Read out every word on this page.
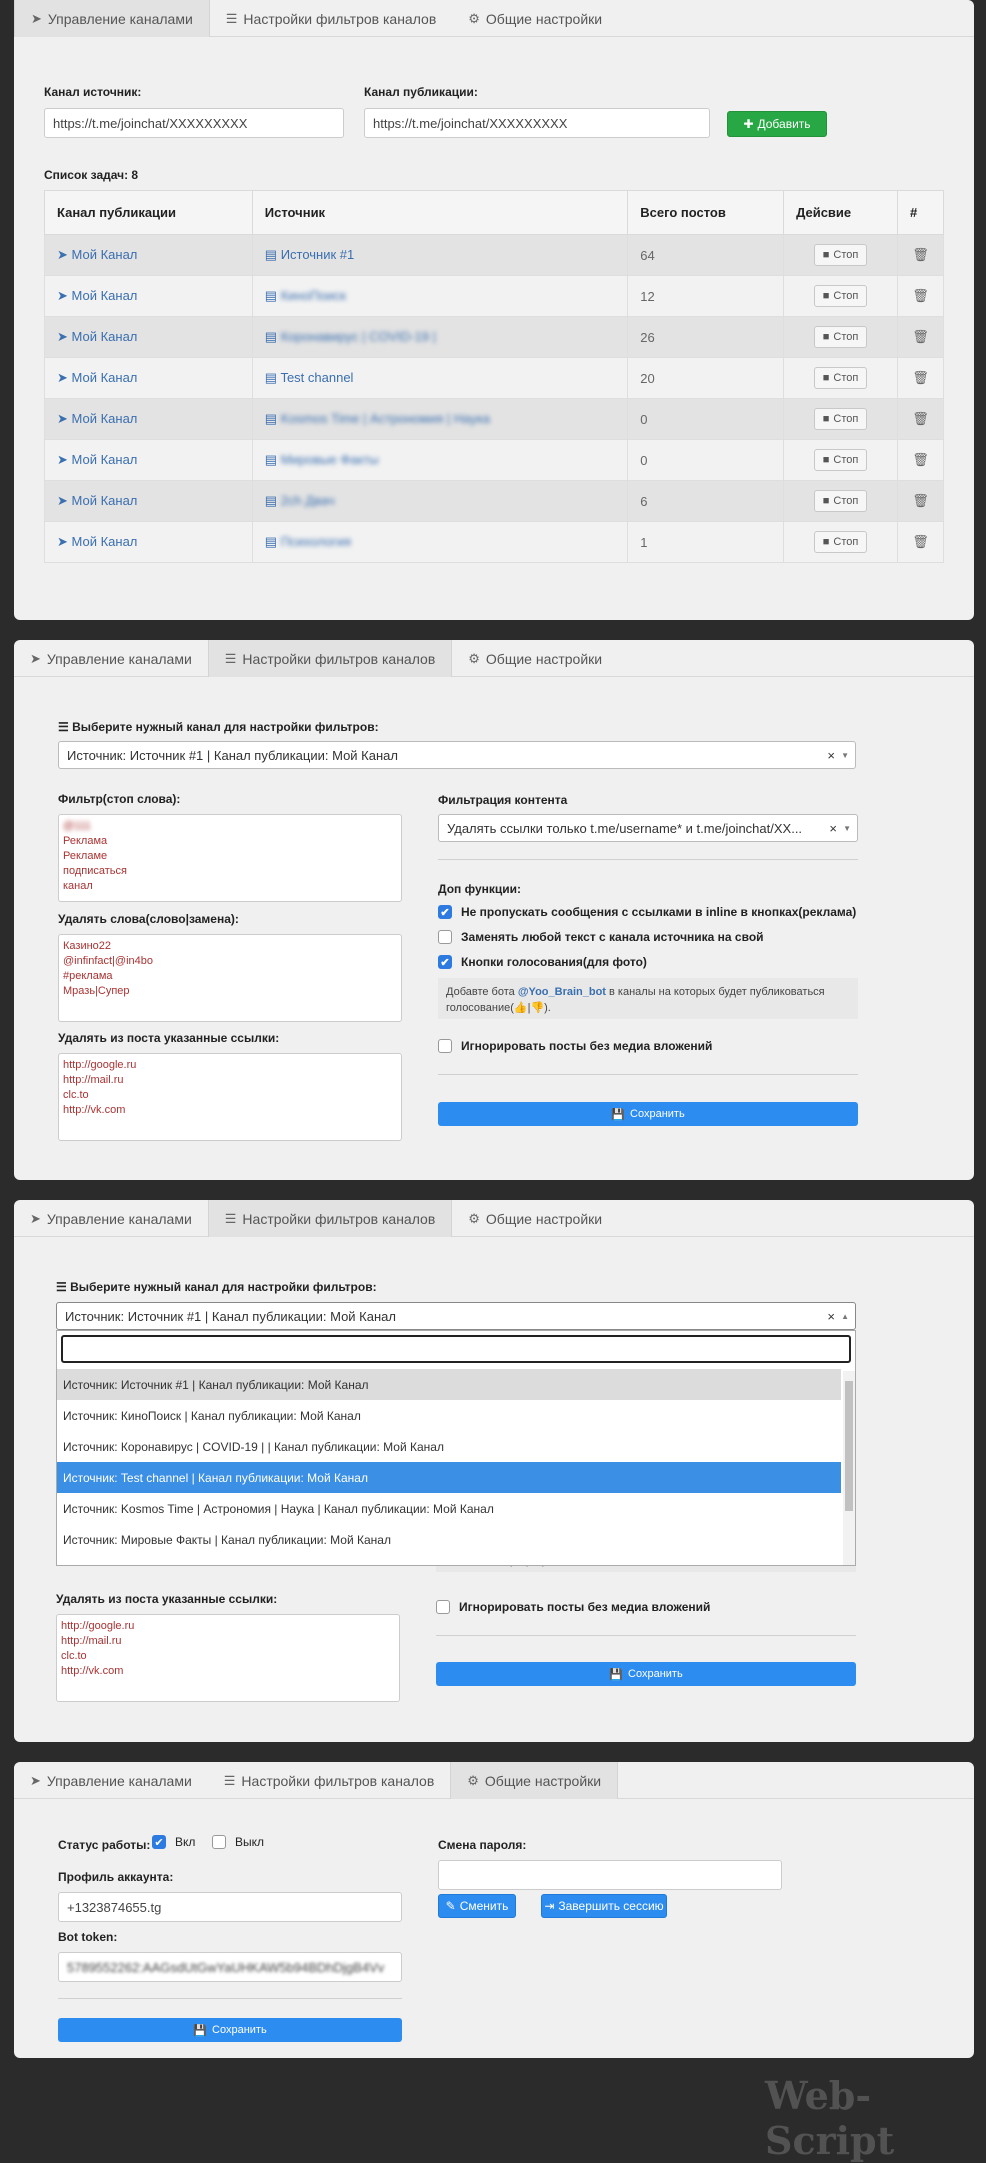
➤ Управление каналами	☰ Настройки фильтров каналов ⚙ Общие настройки
Канал источник:
https://t.me/joinchat/XXXXXXXXX
Канал публикации:
https://t.me/joinchat/XXXXXXXXX	✚ Добавить
Список задач: 8
Канал публикации	Источник	Всего постов	Дейсвие	#
➤ Мой Канал	▤ Источник #1	64	■ Стоп	🗑
➤ Мой Канал	▤ КиноПоиск	12	■ Стоп	🗑
➤ Мой Канал	▤ Коронавирус | COVID-19 |	26	■ Стоп	🗑
➤ Мой Канал	▤ Test channel	20	■ Стоп	🗑
➤ Мой Канал	▤ Kosmos Time | Астрономия | Наука	0	■ Стоп	🗑
➤ Мой Канал	▤ Мировые Факты	0	■ Стоп	🗑
➤ Мой Канал	▤ 2ch Двач	6	■ Стоп	🗑
➤ Мой Канал	▤ Психология	1	■ Стоп	🗑
➤ Управление каналами	☰ Настройки фильтров каналов	⚙ Общие настройки
☰ Выберите нужный канал для настройки фильтров:
Источник: Источник #1 | Канал публикации: Мой Канал	× ▼
Фильтр(стоп слова):
@111
Реклама
Рекламе
подписаться
канал
Удалять слова(слово|замена):
Казино22
@infinfact|@in4bo
#реклама
Мразь|Супер
Удалять из поста указанные ссылки:
http://google.ru
http://mail.ru
clc.to
http://vk.com
Фильтрация контента
Удалять ссылки только t.me/username* и t.me/joinchat/XX... × ▼
Доп функции:
✔ Не пропускать сообщения с ссылками в inline в кнопках(реклама)
Заменять любой текст с канала источника на свой
✔ Кнопки голосования(для фото)
Добавте бота @Yoo_Brain_bot в каналы на которых будет публиковаться
голосование(👍|👎).
Игнорировать посты без медиа вложений
💾 Сохранить
➤ Управление каналами	☰ Настройки фильтров каналов	⚙ Общие настройки
☰ Выберите нужный канал для настройки фильтров:
Источник: Источник #1 | Канал публикации: Мой Канал	× ▲
Удалять из поста указанные ссылки:
http://google.ru
http://mail.ru
clc.to
http://vk.com
Игнорировать посты без медиа вложений
💾 Сохранить
Источник: Источник #1 | Канал публикации: Мой Канал
Источник: КиноПоиск | Канал публикации: Мой Канал
Источник: Коронавирус | COVID-19 | | Канал публикации: Мой Канал
Источник: Test channel | Канал публикации: Мой Канал
Источник: Kosmos Time | Астрономия | Наука | Канал публикации: Мой Канал
Источник: Мировые Факты | Канал публикации: Мой Канал
➤ Управление каналами ☰ Настройки фильтров каналов	⚙ Общие настройки
Статус работы: ✔ Вкл	Выкл
Профиль аккаунта:
+1323874655.tg
Bot token:
5789552262:AAGsdUtGwYaUHKAW5b94BDhDjgB4Vv
💾 Сохранить
Смена пароля:
✎ Сменить	⇥ Завершить сессию
Web-Script
